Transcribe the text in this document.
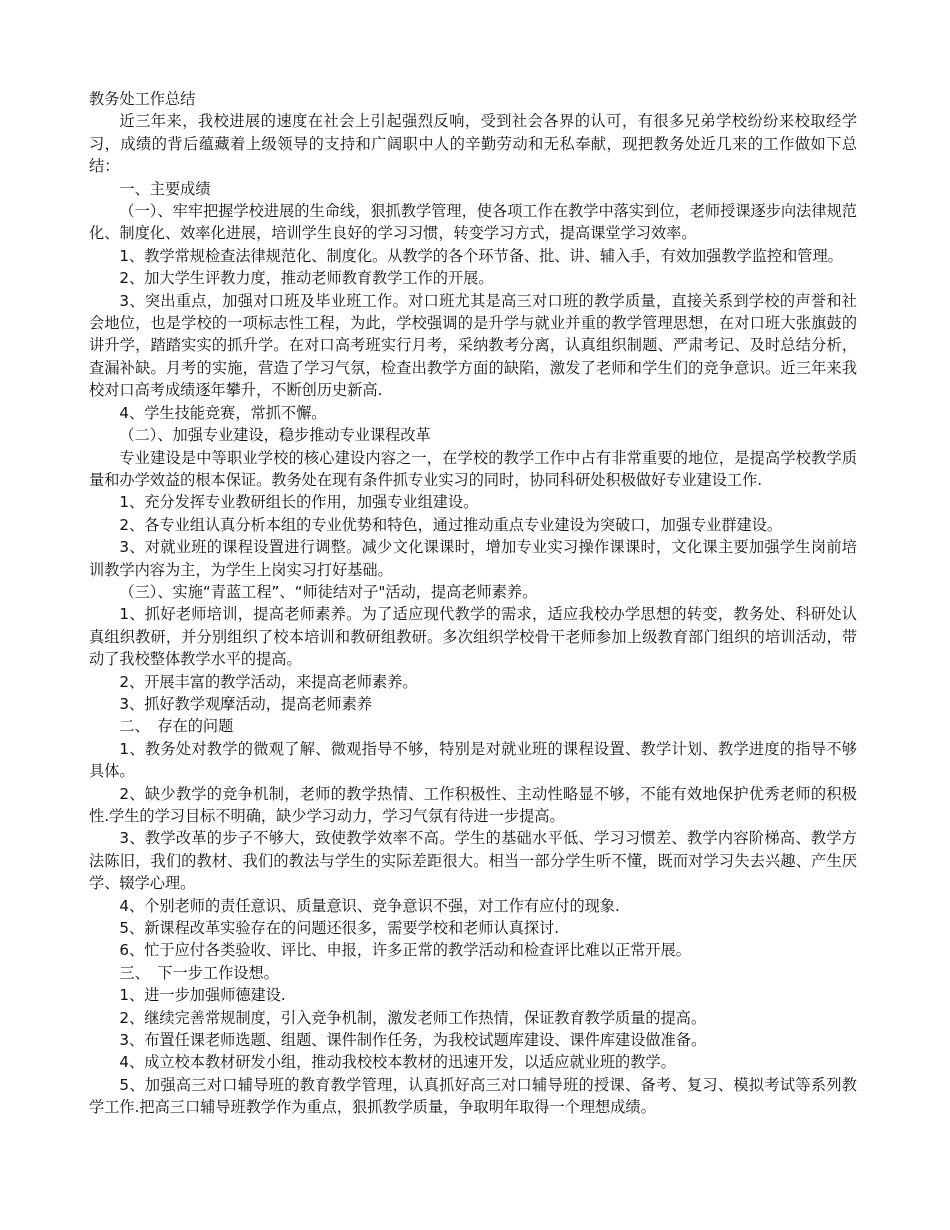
教务处工作总结

近三年来，我校进展的速度在社会上引起强烈反响，受到社会各界的认可，有很多兄弟学校纷纷来校取经学习，成绩的背后蕴藏着上级领导的支持和广阔职中人的辛勤劳动和无私奉献，现把教务处近几来的工作做如下总结：

一、主要成绩

（一）、牢牢把握学校进展的生命线，狠抓教学管理，使各项工作在教学中落实到位，老师授课逐步向法律规范化、制度化、效率化进展，培训学生良好的学习习惯，转变学习方式，提高课堂学习效率。

1、教学常规检查法律规范化、制度化。从教学的各个环节备、批、讲、辅入手，有效加强教学监控和管理。

2、加大学生评教力度，推动老师教育教学工作的开展。

3、突出重点，加强对口班及毕业班工作。对口班尤其是高三对口班的教学质量，直接关系到学校的声誉和社会地位，也是学校的一项标志性工程，为此，学校强调的是升学与就业并重的教学管理思想，在对口班大张旗鼓的讲升学，踏踏实实的抓升学。在对口高考班实行月考，采纳教考分离，认真组织制题、严肃考记、及时总结分析，查漏补缺。月考的实施，营造了学习气氛，检查出教学方面的缺陷，激发了老师和学生们的竞争意识。近三年来我校对口高考成绩逐年攀升，不断创历史新高.

4、学生技能竞赛，常抓不懈。

（二）、加强专业建设，稳步推动专业课程改革

专业建设是中等职业学校的核心建设内容之一，在学校的教学工作中占有非常重要的地位，是提高学校教学质量和办学效益的根本保证。教务处在现有条件抓专业实习的同时，协同科研处积极做好专业建设工作.

1、充分发挥专业教研组长的作用，加强专业组建设。

2、各专业组认真分析本组的专业优势和特色，通过推动重点专业建设为突破口，加强专业群建设。

3、对就业班的课程设置进行调整。减少文化课课时，增加专业实习操作课课时，文化课主要加强学生岗前培训教学内容为主，为学生上岗实习打好基础。

（三）、实施“青蓝工程”、“师徒结对子"活动，提高老师素养。

1、抓好老师培训，提高老师素养。为了适应现代教学的需求，适应我校办学思想的转变，教务处、科研处认真组织教研，并分别组织了校本培训和教研组教研。多次组织学校骨干老师参加上级教育部门组织的培训活动，带动了我校整体教学水平的提高。

2、开展丰富的教学活动，来提高老师素养。

3、抓好教学观摩活动，提高老师素养

二、　存在的问题

1、教务处对教学的微观了解、微观指导不够，特别是对就业班的课程设置、教学计划、教学进度的指导不够具体。

2、缺少教学的竞争机制，老师的教学热情、工作积极性、主动性略显不够，不能有效地保护优秀老师的积极性.学生的学习目标不明确，缺少学习动力，学习气氛有待进一步提高。

3、教学改革的步子不够大，致使教学效率不高。学生的基础水平低、学习习惯差、教学内容阶梯高、教学方法陈旧，我们的教材、我们的教法与学生的实际差距很大。相当一部分学生听不懂，既而对学习失去兴趣、产生厌学、辍学心理。

4、个别老师的责任意识、质量意识、竞争意识不强，对工作有应付的现象.

5、新课程改革实验存在的问题还很多，需要学校和老师认真探讨.

6、忙于应付各类验收、评比、申报，许多正常的教学活动和检查评比难以正常开展。

三、　下一步工作设想。

1、进一步加强师德建设.

2、继续完善常规制度，引入竞争机制，激发老师工作热情，保证教育教学质量的提高。

3、布置任课老师选题、组题、课件制作任务，为我校试题库建设、课件库建设做准备。

4、成立校本教材研发小组，推动我校校本教材的迅速开发，以适应就业班的教学。

5、加强高三对口辅导班的教育教学管理，认真抓好高三对口辅导班的授课、备考、复习、模拟考试等系列教学工作.把高三口辅导班教学作为重点，狠抓教学质量，争取明年取得一个理想成绩。
